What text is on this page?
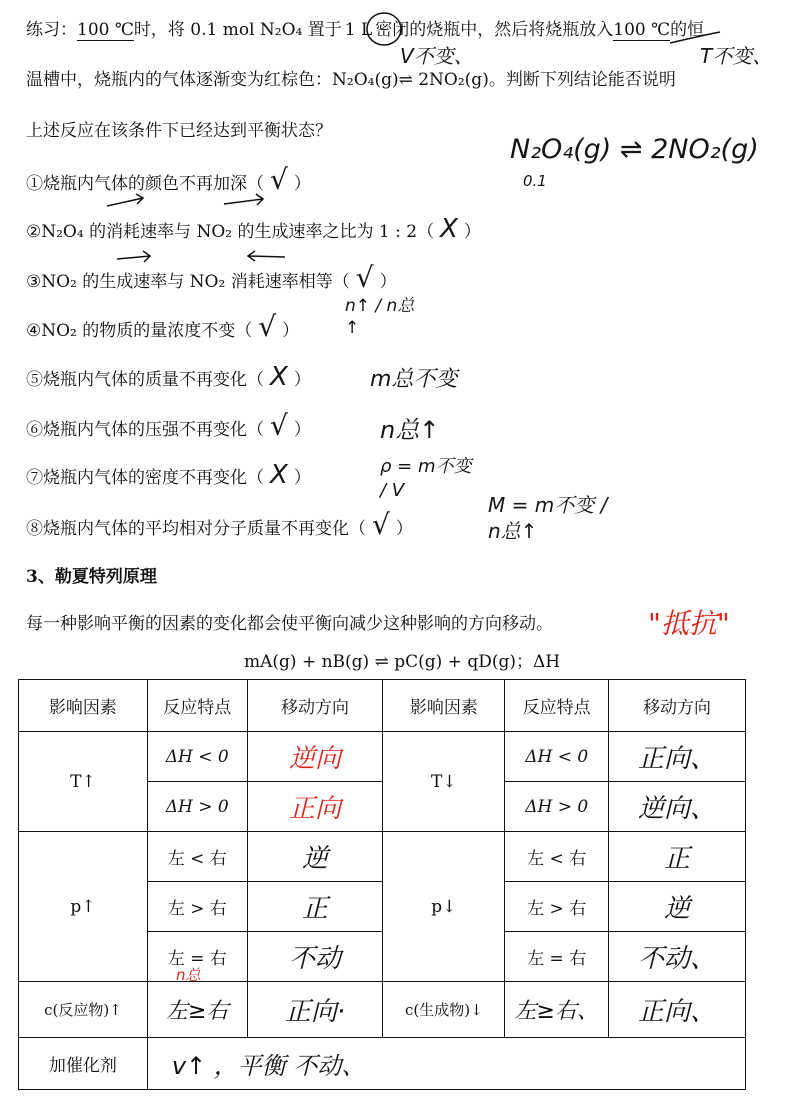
练习：100 ℃时，将 0.1 mol N₂O₄ 置于 1 L 密闭的烧瓶中，然后将烧瓶放入100 ℃的恒
V不变、	T不变、
温槽中，烧瓶内的气体逐渐变为红棕色：N₂O₄(g)⇌ 2NO₂(g)。判断下列结论能否说明
上述反应在该条件下已经达到平衡状态？
N₂O₄(g) ⇌ 2NO₂(g)
0.1
①烧瓶内气体的颜色不再加深（ √ ）
②N₂O₄ 的消耗速率与 NO₂ 的生成速率之比为 1 : 2（ X ）
③NO₂ 的生成速率与 NO₂ 消耗速率相等（ √ ）
④NO₂ 的物质的量浓度不变（ √ ）
n↑ / n总↑
⑤烧瓶内气体的质量不再变化（ X ）	m总不变
⑥烧瓶内气体的压强不再变化（ √ ）	n总↑
⑦烧瓶内气体的密度不再变化（ X ）
ρ = m不变 / V
⑧烧瓶内气体的平均相对分子质量不再变化（ √ ）
M = m不变 / n总↑
3、勒夏特列原理
每一种影响平衡的因素的变化都会使平衡向减少这种影响的方向移动。	"抵抗"
mA(g) + nB(g) ⇌ pC(g) + qD(g)；ΔH
影响因素	反应特点	移动方向	影响因素	反应特点	移动方向
T↑	ΔH < 0	逆向	T↓	ΔH < 0	正向、
	ΔH > 0	正向		ΔH > 0	逆向、
p↑	左 < 右	逆	p↓	左 < 右	正
	左 > 右	正		左 > 右	逆
	左 = 右	不动		左 = 右	不动、
c(反应物)↑	左≥右	正向·	c(生成物)↓	左≥右、	正向、
加催化剂	v↑ ，平衡 不动、				
n总
